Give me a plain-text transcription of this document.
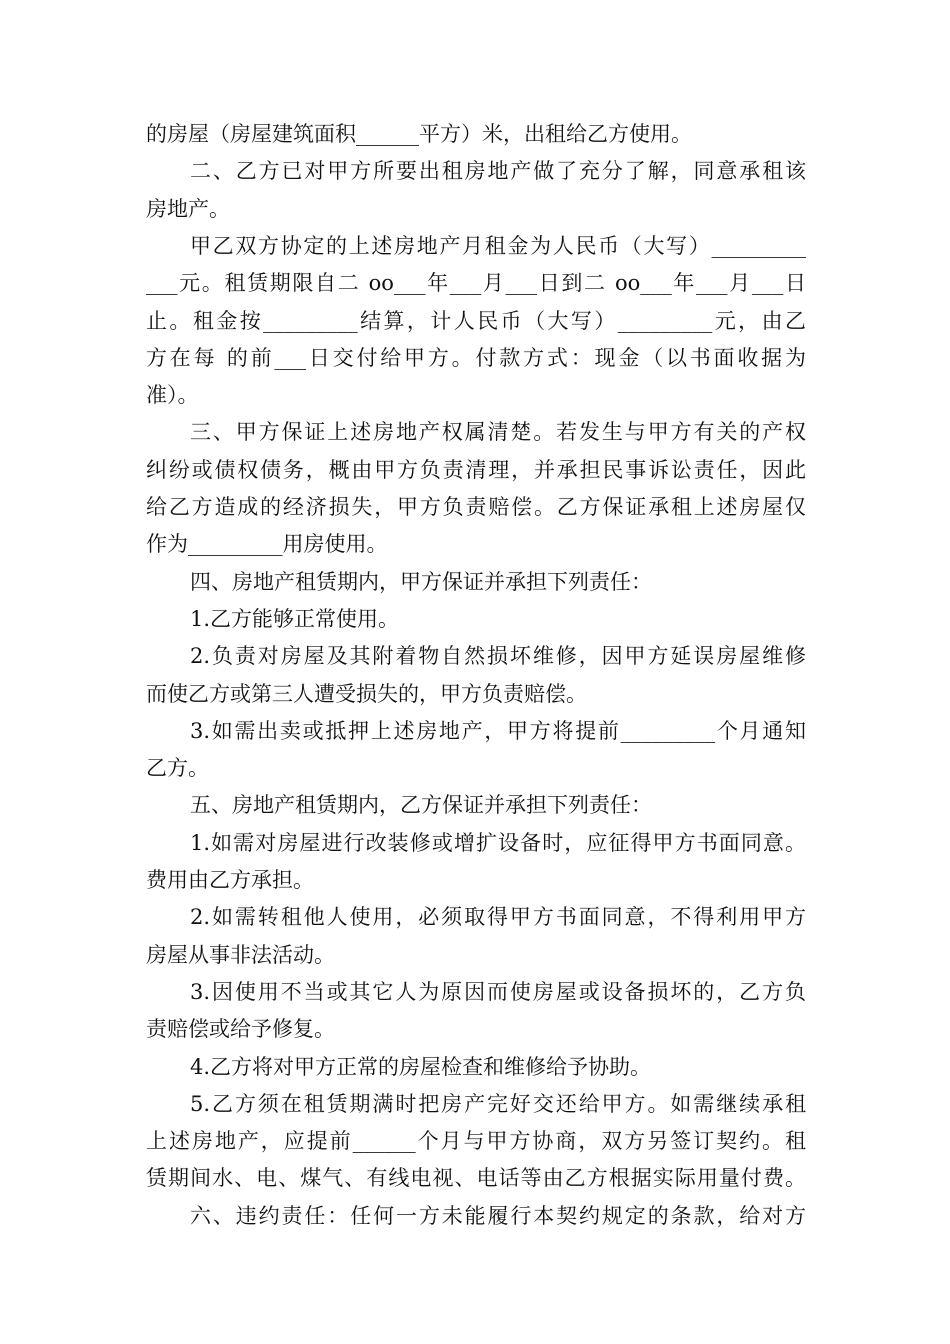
的房屋（房屋建筑面积______平方）米，出租给乙方使用。
二、乙方已对甲方所要出租房地产做了充分了解，同意承租该
房地产。
甲乙双方协定的上述房地产月租金为人民币（大写）_________
___元。租赁期限自二 oo___年___月___日到二 oo___年___月___日
止。租金按_________结算，计人民币（大写）_________元，由乙
方在每 的前___日交付给甲方。付款方式：现金（以书面收据为
准）。
三、甲方保证上述房地产权属清楚。若发生与甲方有关的产权
纠纷或债权债务，概由甲方负责清理，并承担民事诉讼责任，因此
给乙方造成的经济损失，甲方负责赔偿。乙方保证承租上述房屋仅
作为_________用房使用。
四、房地产租赁期内，甲方保证并承担下列责任：
1.乙方能够正常使用。
2.负责对房屋及其附着物自然损坏维修，因甲方延误房屋维修
而使乙方或第三人遭受损失的，甲方负责赔偿。
3.如需出卖或抵押上述房地产，甲方将提前_________个月通知
乙方。
五、房地产租赁期内，乙方保证并承担下列责任：
1.如需对房屋进行改装修或增扩设备时，应征得甲方书面同意。
费用由乙方承担。
2.如需转租他人使用，必须取得甲方书面同意，不得利用甲方
房屋从事非法活动。
3.因使用不当或其它人为原因而使房屋或设备损坏的，乙方负
责赔偿或给予修复。
4.乙方将对甲方正常的房屋检查和维修给予协助。
5.乙方须在租赁期满时把房产完好交还给甲方。如需继续承租
上述房地产，应提前______个月与甲方协商，双方另签订契约。租
赁期间水、电、煤气、有线电视、电话等由乙方根据实际用量付费。
六、违约责任：任何一方未能履行本契约规定的条款，给对方
